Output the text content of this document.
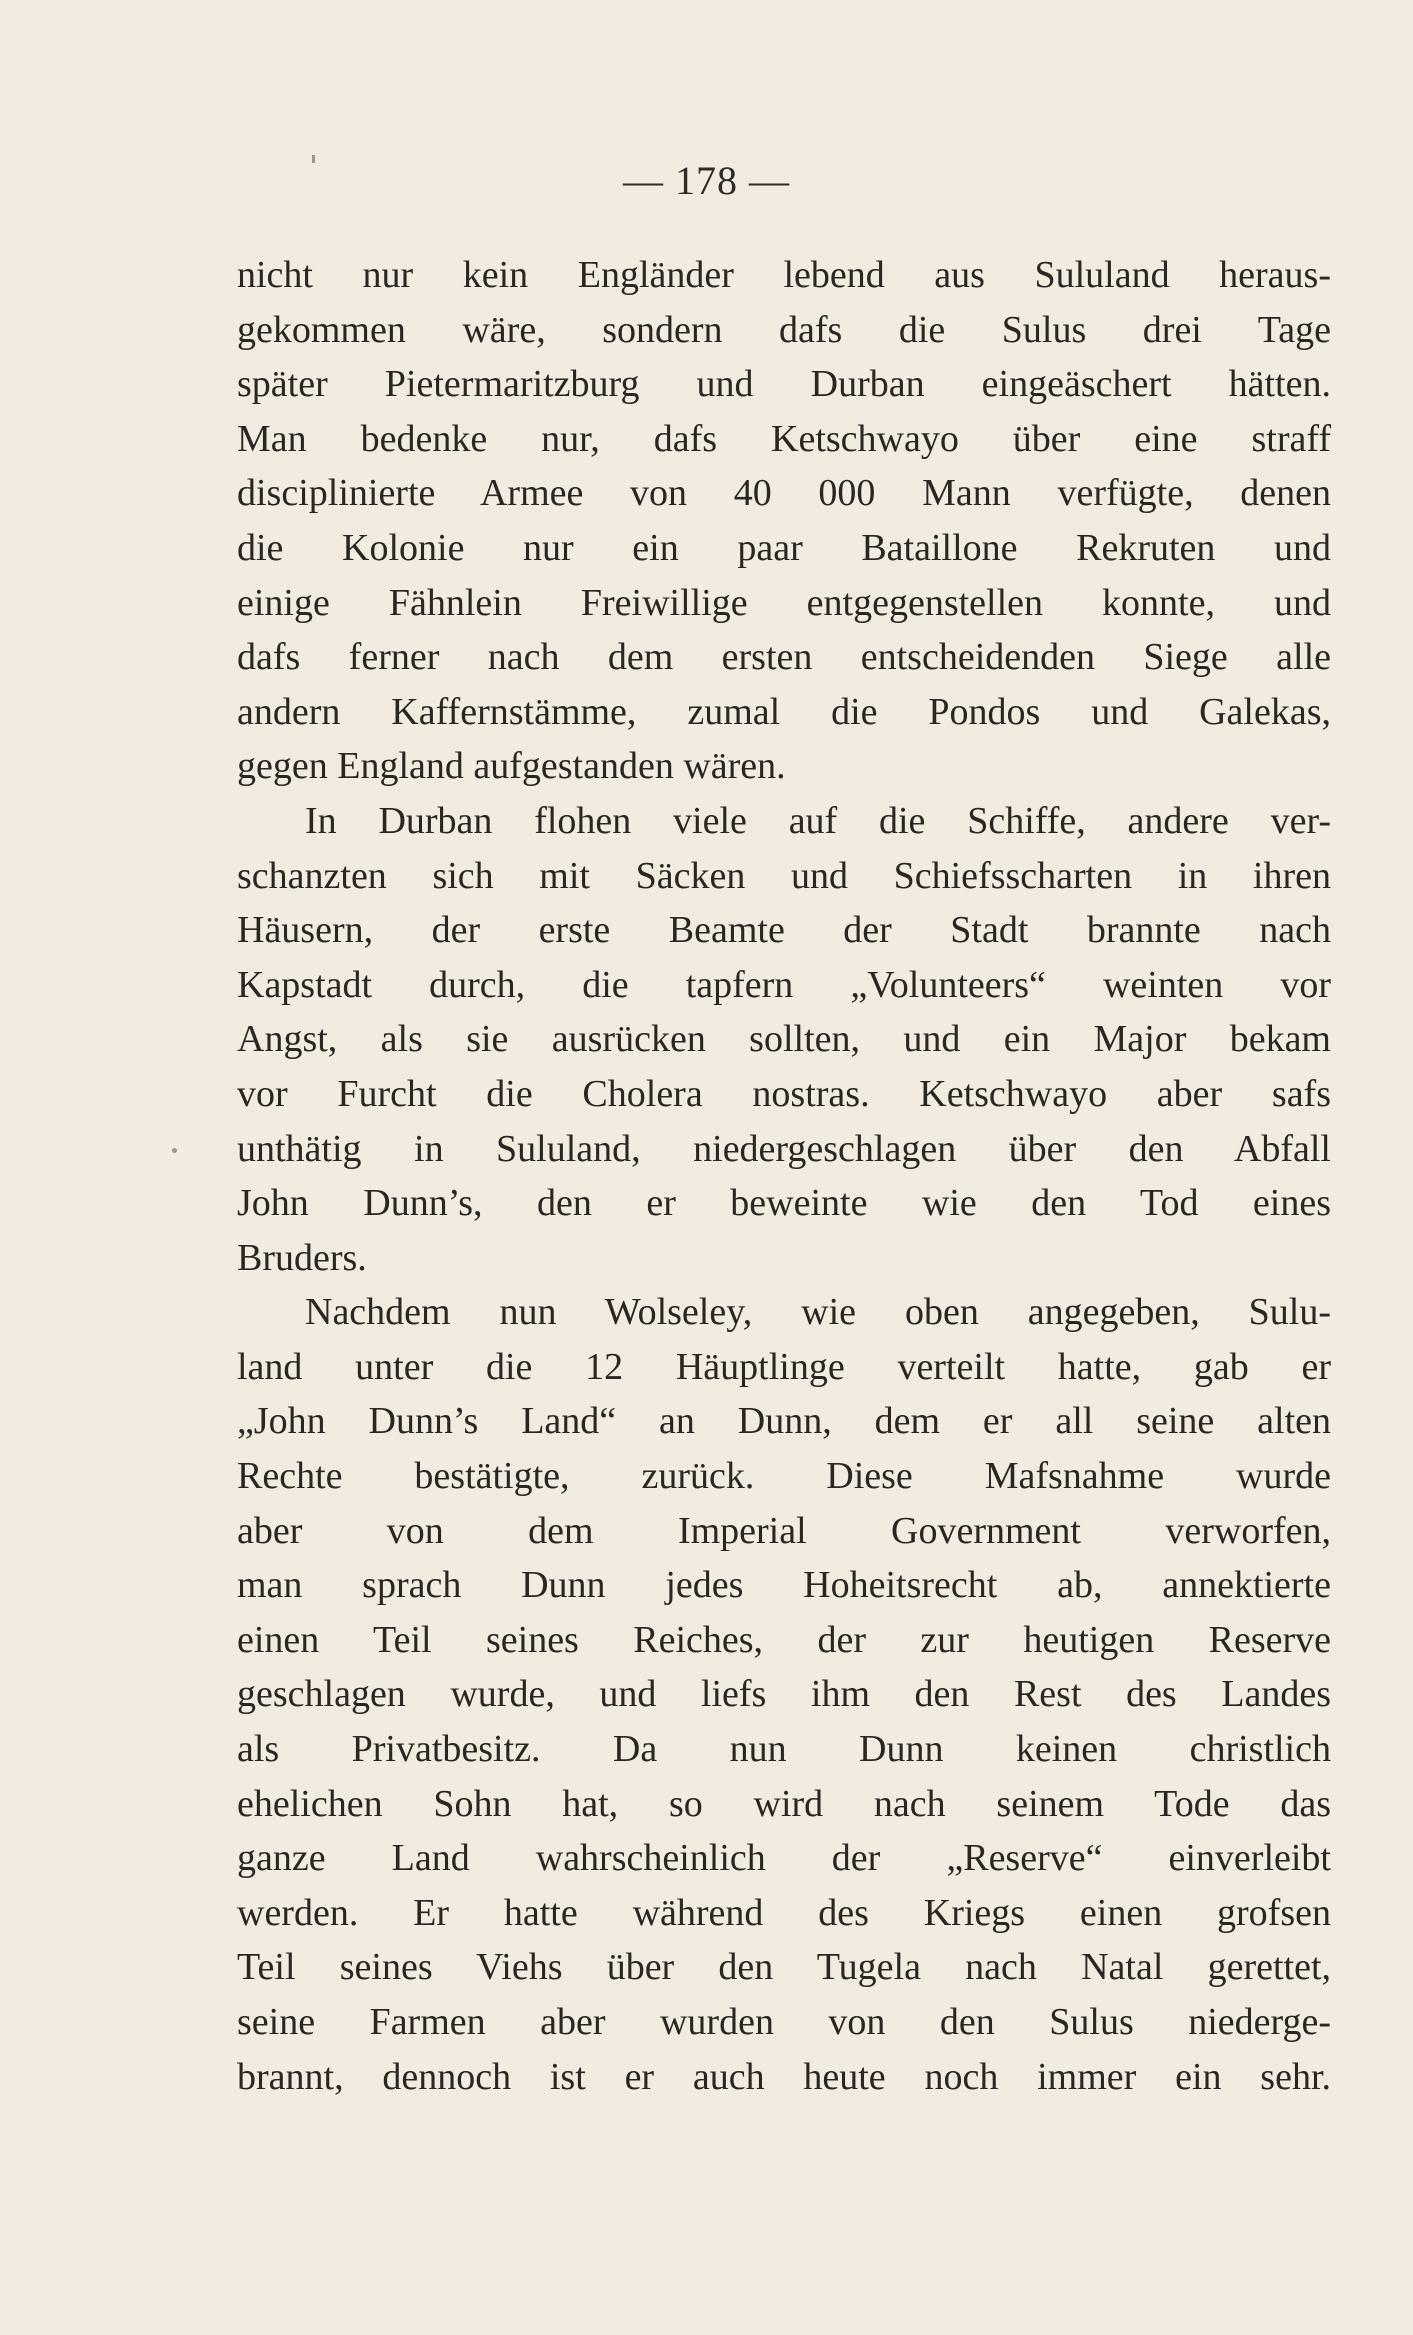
— 178 —
nicht nur kein Engländer lebend aus Sululand heraus-
gekommen wäre, sondern dafs die Sulus drei Tage
später Pietermaritzburg und Durban eingeäschert hätten.
Man bedenke nur, dafs Ketschwayo über eine straff
disciplinierte Armee von 40 000 Mann verfügte, denen
die Kolonie nur ein paar Bataillone Rekruten und
einige Fähnlein Freiwillige entgegenstellen konnte, und
dafs ferner nach dem ersten entscheidenden Siege alle
andern Kaffernstämme, zumal die Pondos und Galekas,
gegen England aufgestanden wären.
In Durban flohen viele auf die Schiffe, andere ver-
schanzten sich mit Säcken und Schiefsscharten in ihren
Häusern, der erste Beamte der Stadt brannte nach
Kapstadt durch, die tapfern „Volunteers“ weinten vor
Angst, als sie ausrücken sollten, und ein Major bekam
vor Furcht die Cholera nostras. Ketschwayo aber safs
unthätig in Sululand, niedergeschlagen über den Abfall
John Dunn’s, den er beweinte wie den Tod eines
Bruders.
Nachdem nun Wolseley, wie oben angegeben, Sulu-
land unter die 12 Häuptlinge verteilt hatte, gab er
„John Dunn’s Land“ an Dunn, dem er all seine alten
Rechte bestätigte, zurück. Diese Mafsnahme wurde
aber von dem Imperial Government verworfen,
man sprach Dunn jedes Hoheitsrecht ab, annektierte
einen Teil seines Reiches, der zur heutigen Reserve
geschlagen wurde, und liefs ihm den Rest des Landes
als Privatbesitz. Da nun Dunn keinen christlich
ehelichen Sohn hat, so wird nach seinem Tode das
ganze Land wahrscheinlich der „Reserve“ einverleibt
werden. Er hatte während des Kriegs einen grofsen
Teil seines Viehs über den Tugela nach Natal gerettet,
seine Farmen aber wurden von den Sulus niederge-
brannt, dennoch ist er auch heute noch immer ein sehr.
